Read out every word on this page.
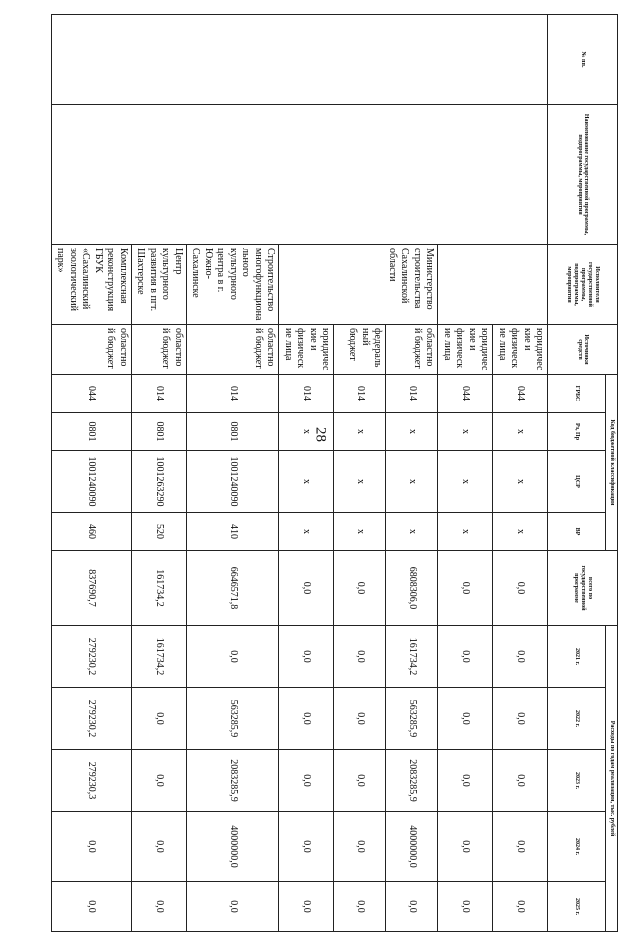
28
№ пп.	Наименование государственной программы, подпрограммы, мероприятия	Исполнители государственной программы, подпрограммы, мероприятия	Источники средств	Код бюджетной классификации				всего по государственной программе	Расходы по годам реализации, тыс. рублей				
				ГРБС	Рз, Пр	ЦСР	ВР		2021 г.	2022 г.	2023 г.	2024 г.	2025 г.
			юридические и физические лица	044	x	x	x	0,0	0,0	0,0	0,0	0,0	0,0
			юридические и физические лица	044	x	x	x	0,0	0,0	0,0	0,0	0,0	0,0
		Министерство строительства Сахалинской области	областной бюджет	014	x	x	x	6808306,0	161734,2	563285,9	2083285,9	4000000,0	0,0
			федеральный бюджет	014	x	x	x	0,0	0,0	0,0	0,0	0,0	0,0
			юридические и физические лица	014	x	x	x	0,0	0,0	0,0	0,0	0,0	0,0
		Строительство многофункционального культурного центра в г. Южно-Сахалинске	областной бюджет	014	0801	1001240090	410	6646571,8	0,0	563285,9	2083285,9	4000000,0	0,0
		Центр культурного развития в пгт. Шахтерске	областной бюджет	014	0801	1001263290	520	161734,2	161734,2	0,0	0,0	0,0	0,0
		Комплексная реконструкция ГБУК «Сахалинский зоологический парк»	областной бюджет	044	0801	1001240090	460	837690,7	279230,2	279230,2	279230,3	0,0	0,0
